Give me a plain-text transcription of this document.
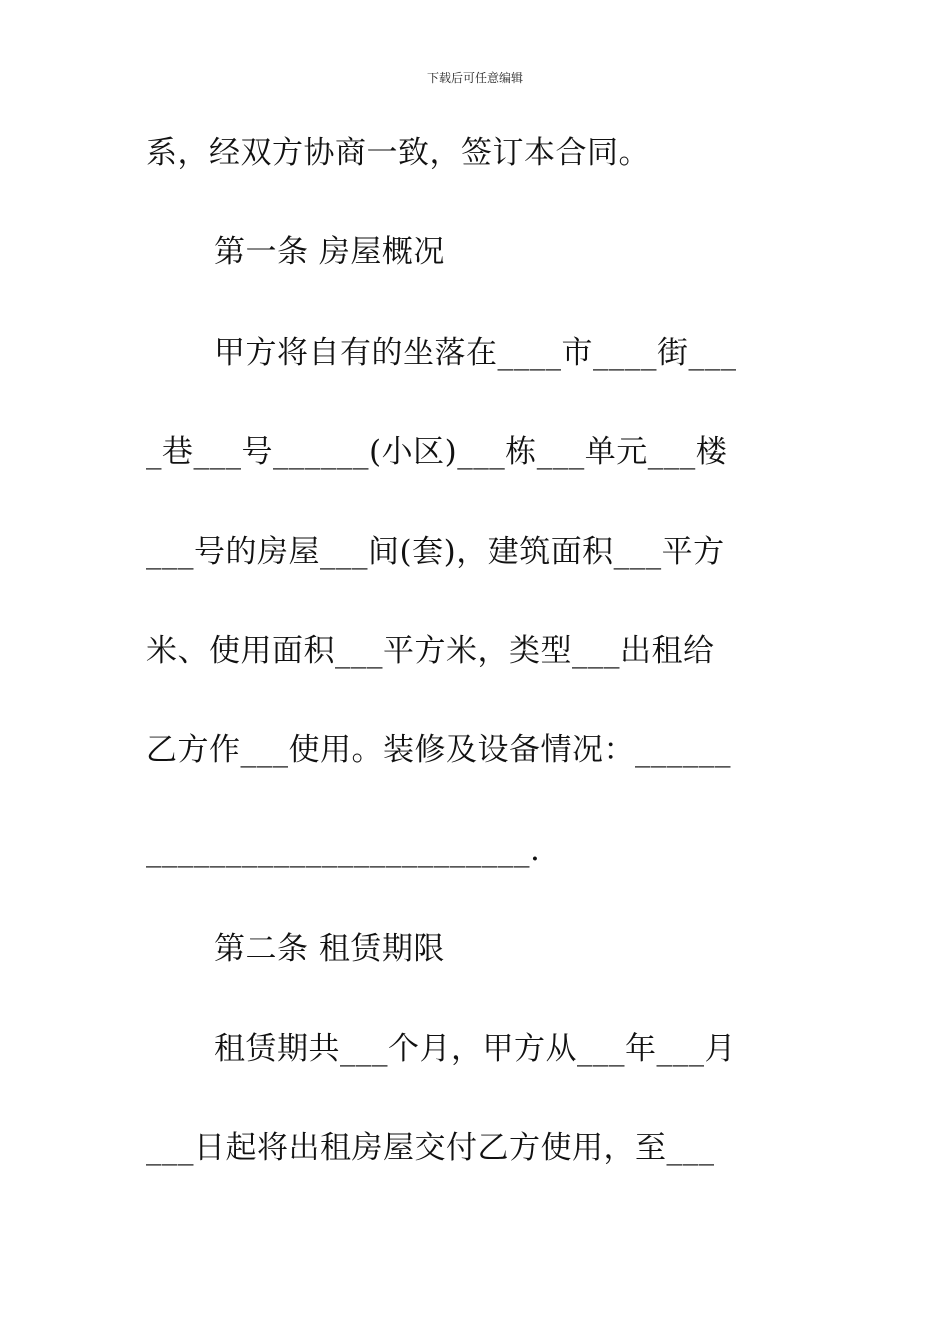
下载后可任意编辑
系，经双方协商一致，签订本合同。
第一条 房屋概况
甲方将自有的坐落在____市____街___
_巷___号______(小区)___栋___单元___楼
___号的房屋___间(套)，建筑面积___平方
米、使用面积___平方米，类型___出租给
乙方作___使用。装修及设备情况：______
________________________.
第二条 租赁期限
租赁期共___个月，甲方从___年___月
___日起将出租房屋交付乙方使用，至___
